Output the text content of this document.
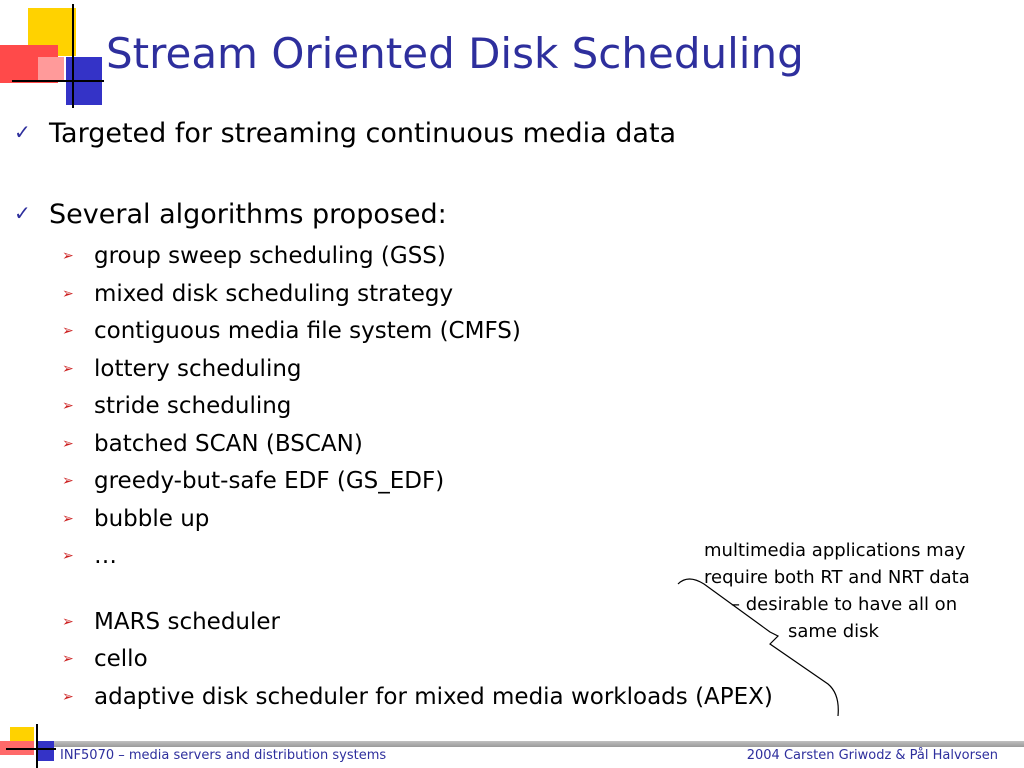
Stream Oriented Disk Scheduling
✓ Targeted for streaming continuous media data
✓ Several algorithms proposed:
➢ group sweep scheduling (GSS)
➢ mixed disk scheduling strategy
➢ contiguous media file system (CMFS)
➢ lottery scheduling
➢ stride scheduling
➢ batched SCAN (BSCAN)
➢ greedy-but-safe EDF (GS_EDF)
➢ bubble up
➢ …
➢ MARS scheduler
➢ cello
➢ adaptive disk scheduler for mixed media workloads (APEX)
multimedia applications may
require both RT and NRT data
– desirable to have all on
same disk
INF5070 – media servers and distribution systems	2004 Carsten Griwodz & Pål Halvorsen
